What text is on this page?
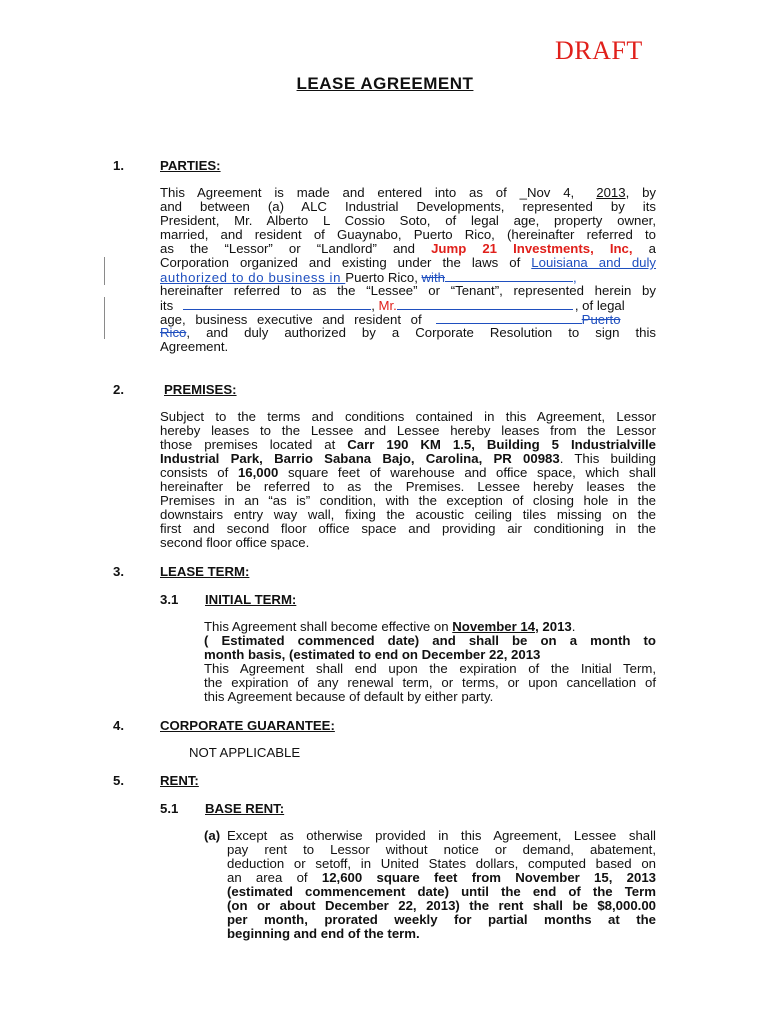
DRAFT
LEASE AGREEMENT
1.	PARTIES:
This Agreement is made and entered into as of _Nov 4, 2013, by
and between (a) ALC Industrial Developments, represented by its
President, Mr. Alberto L Cossio Soto, of legal age, property owner,
married, and resident of Guaynabo, Puerto Rico, (hereinafter referred to
as the “Lessor” or “Landlord” and Jump 21 Investments, Inc, a
Corporation organized and existing under the laws of Louisiana and duly
authorized to do business in Puerto Rico, with	,
hereinafter referred to as the “Lessee” or “Tenant”, represented herein by
its	, Mr.	, of legal
age, business executive and resident of	Puerto
Rico, and duly authorized by a Corporate Resolution to sign this
Agreement.
2.	PREMISES:
Subject to the terms and conditions contained in this Agreement, Lessor
hereby leases to the Lessee and Lessee hereby leases from the Lessor
those premises located at Carr 190 KM 1.5, Building 5 Industrialville
Industrial Park, Barrio Sabana Bajo, Carolina, PR 00983. This building
consists of 16,000 square feet of warehouse and office space, which shall
hereinafter be referred to as the Premises. Lessee hereby leases the
Premises in an “as is” condition, with the exception of closing hole in the
downstairs entry way wall, fixing the acoustic ceiling tiles missing on the
first and second floor office space and providing air conditioning in the
second floor office space.
3.	LEASE TERM:
3.1 INITIAL TERM:
This Agreement shall become effective on November 14, 2013.
( Estimated commenced date) and shall be on a month to
month basis, (estimated to end on December 22, 2013
This Agreement shall end upon the expiration of the Initial Term,
the expiration of any renewal term, or terms, or upon cancellation of
this Agreement because of default by either party.
4.	CORPORATE GUARANTEE:
NOT APPLICABLE
5.	RENT:
5.1 BASE RENT:
(a) Except as otherwise provided in this Agreement, Lessee shall
pay rent to Lessor without notice or demand, abatement,
deduction or setoff, in United States dollars, computed based on
an area of 12,600 square feet from November 15, 2013
(estimated commencement date) until the end of the Term
(on or about December 22, 2013) the rent shall be $8,000.00
per month, prorated weekly for partial months at the
beginning and end of the term.
